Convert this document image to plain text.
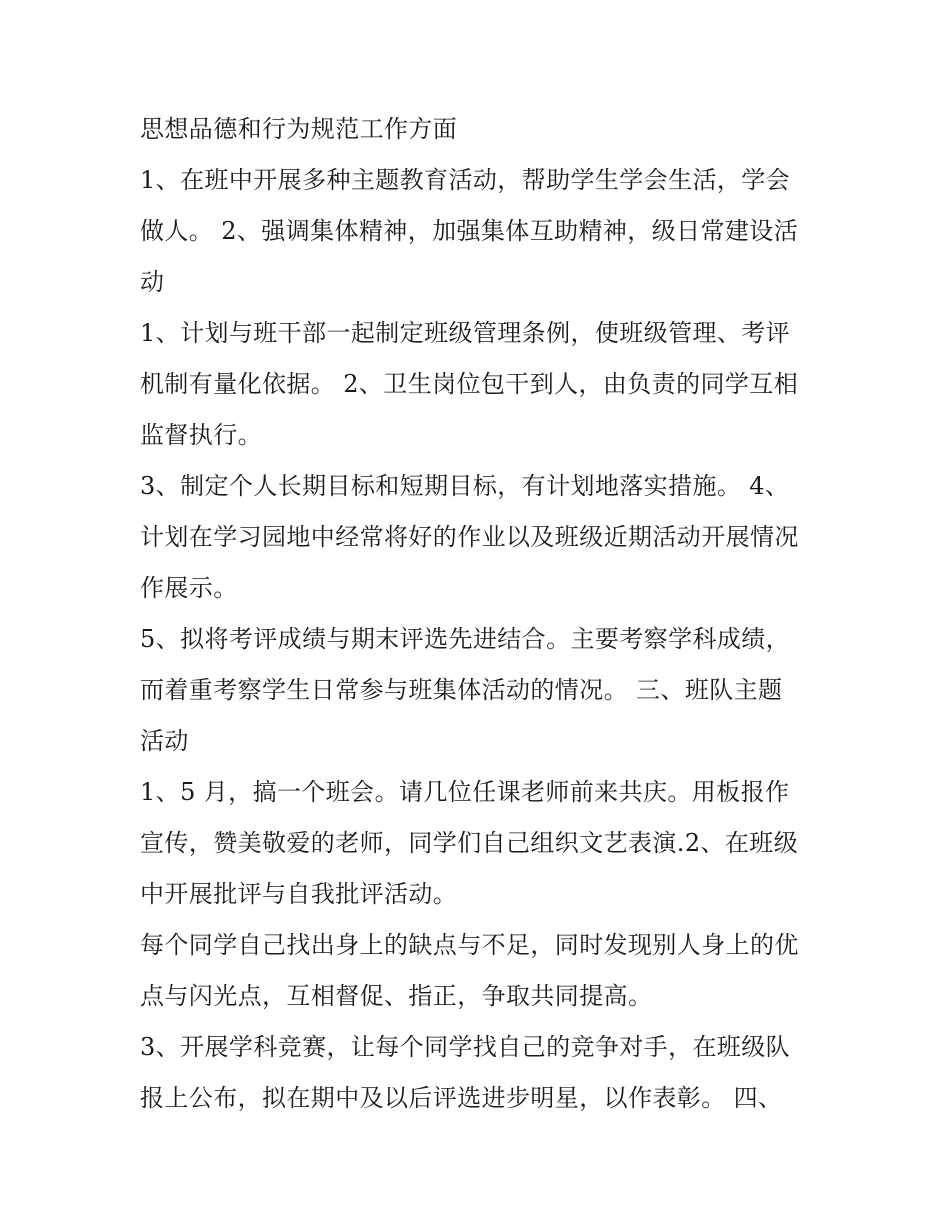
思想品德和行为规范工作方面
1、在班中开展多种主题教育活动，帮助学生学会生活，学会
做人。 2、强调集体精神，加强集体互助精神，级日常建设活
动
1、计划与班干部一起制定班级管理条例，使班级管理、考评
机制有量化依据。 2、卫生岗位包干到人，由负责的同学互相
监督执行。
3、制定个人长期目标和短期目标，有计划地落实措施。 4、
计划在学习园地中经常将好的作业以及班级近期活动开展情况
作展示。
5、拟将考评成绩与期末评选先进结合。主要考察学科成绩，
而着重考察学生日常参与班集体活动的情况。 三、班队主题
活动
1、5 月，搞一个班会。请几位任课老师前来共庆。用板报作
宣传，赞美敬爱的老师，同学们自己组织文艺表演.2、在班级
中开展批评与自我批评活动。
每个同学自己找出身上的缺点与不足，同时发现别人身上的优
点与闪光点，互相督促、指正，争取共同提高。
3、开展学科竞赛，让每个同学找自己的竞争对手，在班级队
报上公布，拟在期中及以后评选进步明星，以作表彰。 四、
